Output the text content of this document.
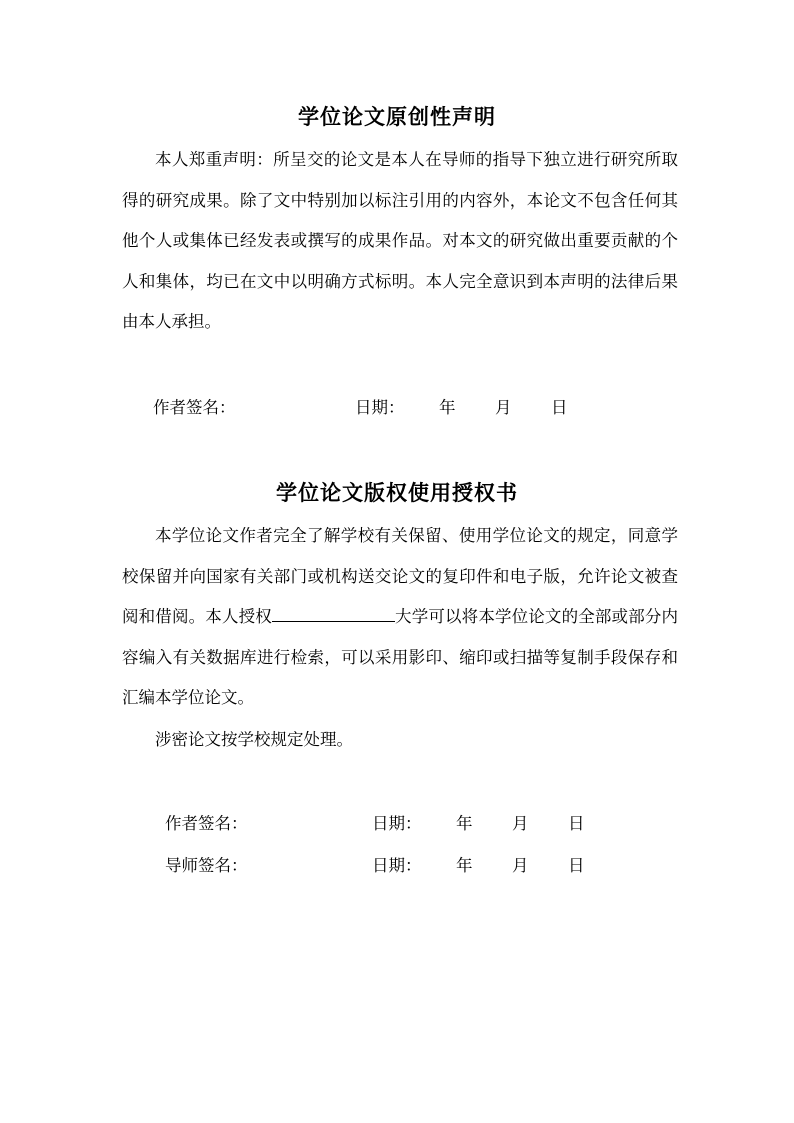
学位论文原创性声明

本人郑重声明：所呈交的论文是本人在导师的指导下独立进行研究所取得的研究成果。除了文中特别加以标注引用的内容外，本论文不包含任何其他个人或集体已经发表或撰写的成果作品。对本文的研究做出重要贡献的个人和集体，均已在文中以明确方式标明。本人完全意识到本声明的法律后果由本人承担。

作者签名：	日期： 年 月 日
学位论文版权使用授权书

本学位论文作者完全了解学校有关保留、使用学位论文的规定，同意学校保留并向国家有关部门或机构送交论文的复印件和电子版，允许论文被查阅和借阅。本人授权	大学可以将本学位论文的全部或部分内容编入有关数据库进行检索，可以采用影印、缩印或扫描等复制手段保存和汇编本学位论文。

涉密论文按学校规定处理。

作者签名：	日期： 年 月 日
导师签名：	日期： 年 月 日
